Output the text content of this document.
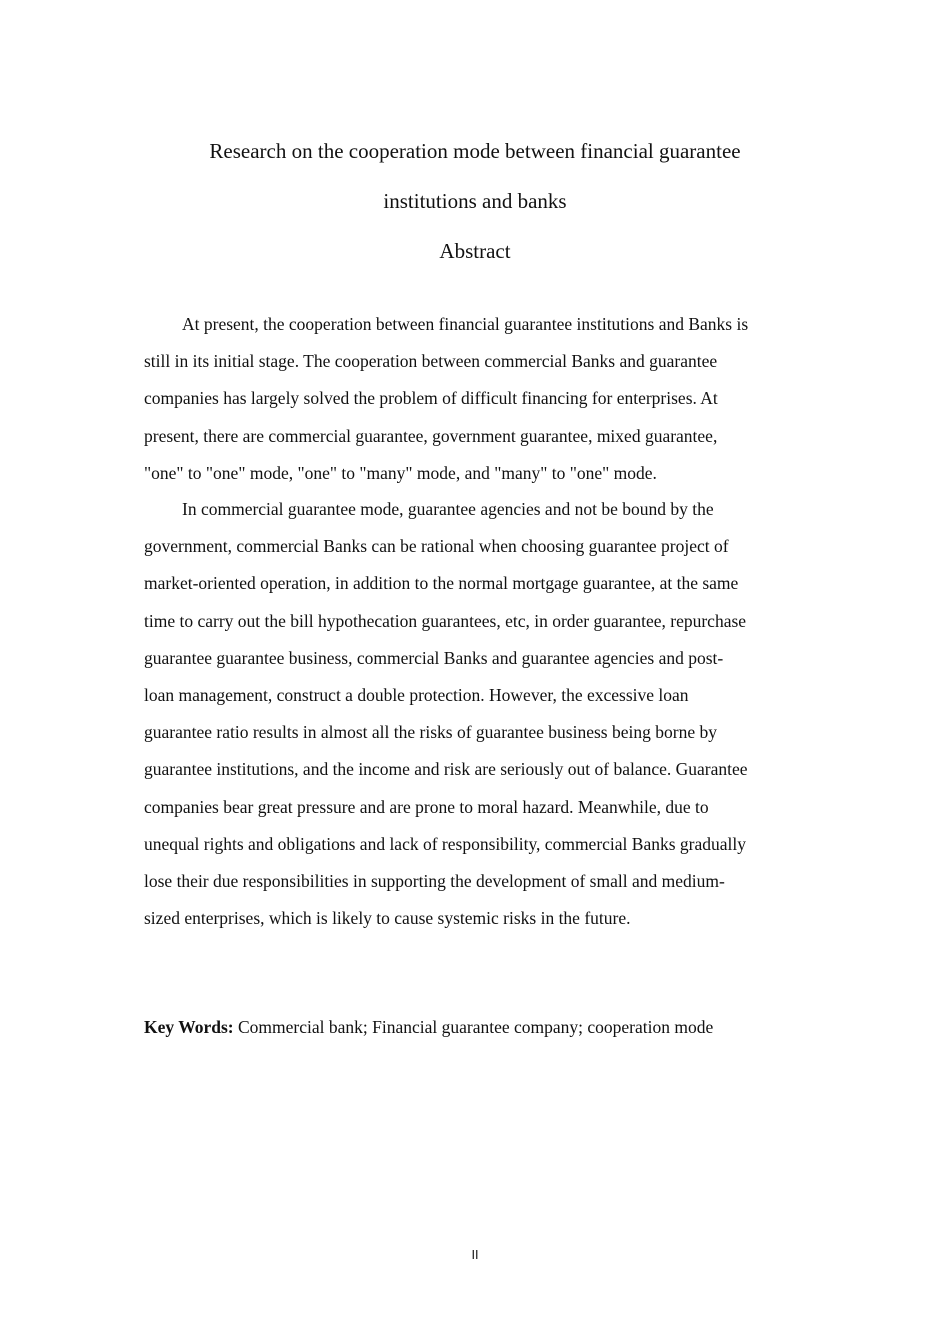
Research on the cooperation mode between financial guarantee
institutions and banks
Abstract
At present, the cooperation between financial guarantee institutions and Banks is
still in its initial stage. The cooperation between commercial Banks and guarantee
companies has largely solved the problem of difficult financing for enterprises. At
present, there are commercial guarantee, government guarantee, mixed guarantee,
"one" to "one" mode, "one" to "many" mode, and "many" to "one" mode.
In commercial guarantee mode, guarantee agencies and not be bound by the
government, commercial Banks can be rational when choosing guarantee project of
market-oriented operation, in addition to the normal mortgage guarantee, at the same
time to carry out the bill hypothecation guarantees, etc, in order guarantee, repurchase
guarantee guarantee business, commercial Banks and guarantee agencies and post-
loan management, construct a double protection. However, the excessive loan
guarantee ratio results in almost all the risks of guarantee business being borne by
guarantee institutions, and the income and risk are seriously out of balance. Guarantee
companies bear great pressure and are prone to moral hazard. Meanwhile, due to
unequal rights and obligations and lack of responsibility, commercial Banks gradually
lose their due responsibilities in supporting the development of small and medium-
sized enterprises, which is likely to cause systemic risks in the future.
Key Words: Commercial bank; Financial guarantee company; cooperation mode
II
